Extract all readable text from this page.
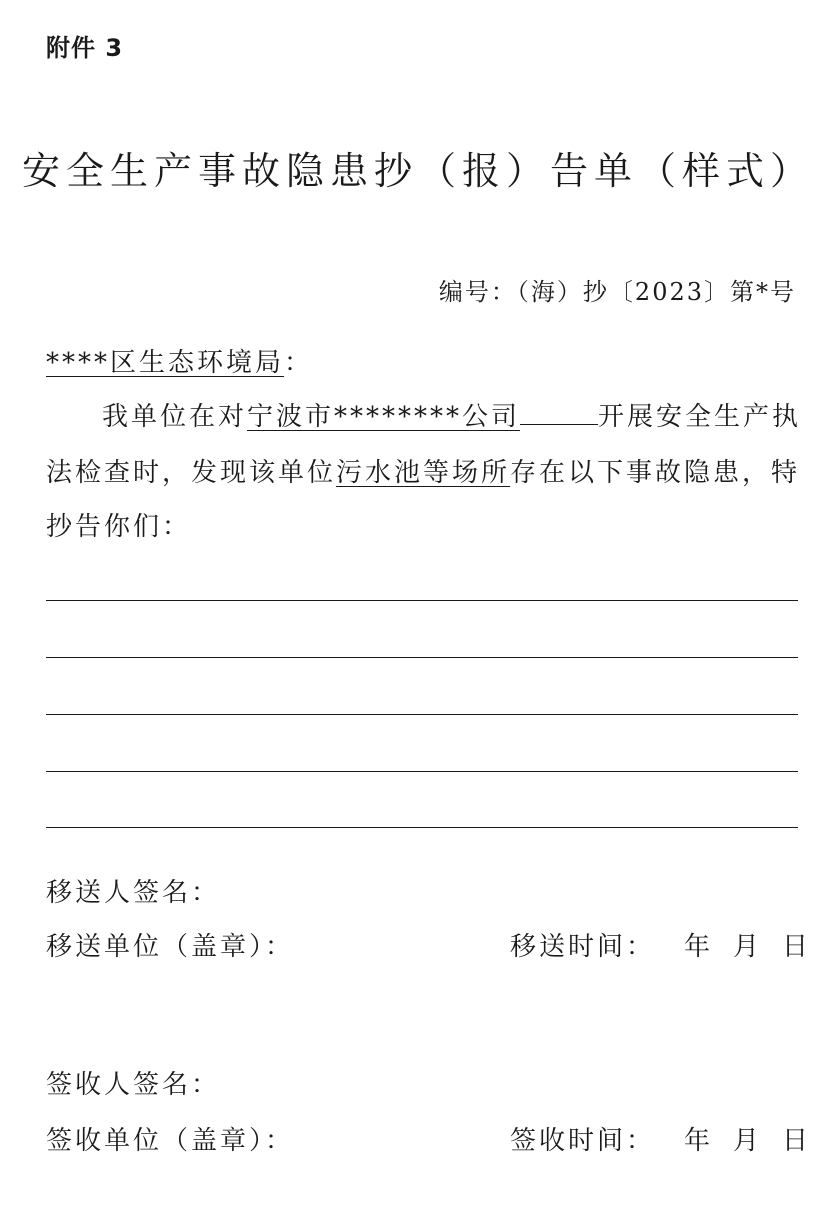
附件 3
安全生产事故隐患抄（报）告单（样式）
编号：（海）抄〔2023〕第*号
****区生态环境局：
我单位在对宁波市********公司	开展安全生产执
法检查时，发现该单位污水池等场所存在以下事故隐患，特
抄告你们：
移送人签名：
移送单位（盖章）：	移送时间： 年 月 日
签收人签名：
签收单位（盖章）：	签收时间： 年 月 日
